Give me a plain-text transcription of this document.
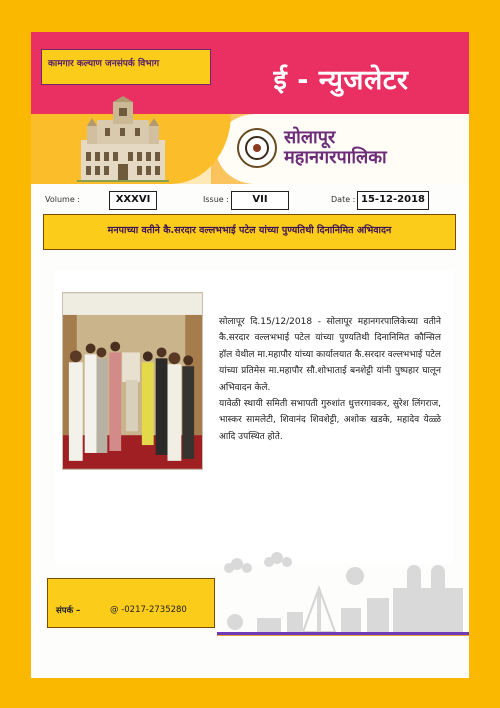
कामगार कल्याण जनसंपर्क विभाग
ई - न्युजलेटर
सोलापूर
महानगरपालिका
Volume :	XXXVI	Issue :	VII	Date : 15-12-2018
मनपाच्या वतीने कै.सरदार वल्लभभाई पटेल यांच्या पुण्यतिथी दिनानिमित अभिवादन

सोलापूर दि.15/12/2018 - सोलापूर महानगरपालिकेच्या वतीने कै.सरदार वल्लभभाई पटेल यांच्या पुण्यतिथी दिनानिमित कौन्सिल हॉल येथील मा.महापौर यांच्या कार्यालयात कै.सरदार वल्लभभाई पटेल यांच्या प्रतिमेस मा.महापौर सौ.शोभाताई बनशेट्टी यांनी पुष्पहार घालून अभिवादन केले.

यावेळी स्थायी समिती सभापती गुरुशांत धुत्तरगावकर, सुरेश लिंगराज, भास्कर सामलेटी, शिवानंद शिवशेट्टी, अशोक खडके, महादेव येळ्ळे आदि उपस्थित होते.

संपर्क –	@ -0217-2735280
